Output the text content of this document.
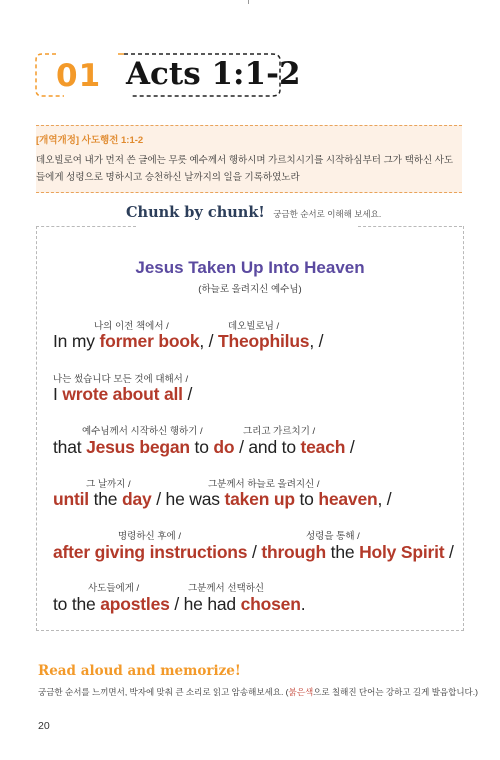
01 Acts 1:1-2
[개역개정] 사도행전 1:1-2
데오빌로여 내가 먼저 쓴 글에는 무릇 예수께서 행하시며 가르치시기를 시작하심부터 그가 택하신 사도들에게 성령으로 명하시고 승천하신 날까지의 일을 기록하였노라
Chunk by chunk! 궁금한 순서로 이해해 보세요.
Jesus Taken Up Into Heaven
(하늘로 올려지신 예수님)
나의 이전 책에서 /	데오빌로님 /
나는 썼습니다 모든 것에 대해서 /
예수님께서 시작하신 행하기 /	그리고 가르치기 /
그 날까지 /	그분께서 하늘로 올려지신 /
명령하신 후에 /	성령을 통해 /
사도들에게 /	그분께서 선택하신
In my former book, / Theophilus, /
I wrote about all /
that Jesus began to do / and to teach /
until the day / he was taken up to heaven, /
after giving instructions / through the Holy Spirit /
to the apostles / he had chosen.
Read aloud and memorize!
궁금한 순서를 느끼면서, 박자에 맞춰 큰 소리로 읽고 암송해보세요. (붉은색으로 칠해진 단어는 강하고 길게 발음합니다.)
20
